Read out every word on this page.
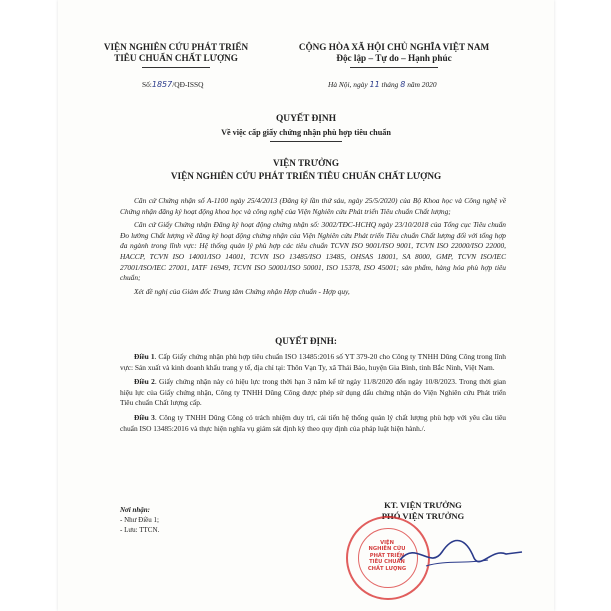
VIỆN NGHIÊN CỨU PHÁT TRIỂN
TIÊU CHUẨN CHẤT LƯỢNG
CỘNG HÒA XÃ HỘI CHỦ NGHĨA VIỆT NAM
Độc lập – Tự do – Hạnh phúc
Số:1857/QĐ-ISSQ	Hà Nội, ngày 11 tháng 8 năm 2020
QUYẾT ĐỊNH
Về việc cấp giấy chứng nhận phù hợp tiêu chuẩn
VIỆN TRƯỞNG
VIỆN NGHIÊN CỨU PHÁT TRIỂN TIÊU CHUẨN CHẤT LƯỢNG
Căn cứ Chứng nhận số A-1100 ngày 25/4/2013 (Đăng ký lần thứ sáu, ngày 25/5/2020) của Bộ Khoa học và Công nghệ về Chứng nhận đăng ký hoạt động khoa học và công nghệ của Viện Nghiên cứu Phát triển Tiêu chuẩn Chất lượng;
Căn cứ Giấy Chứng nhận Đăng ký hoạt động chứng nhận số: 3002/TĐC-HCHQ ngày 23/10/2018 của Tổng cục Tiêu chuẩn Đo lường Chất lượng về đăng ký hoạt động chứng nhận của Viện Nghiên cứu Phát triển Tiêu chuẩn Chất lượng đối với tổng hợp đa ngành trong lĩnh vực: Hệ thống quản lý phù hợp các tiêu chuẩn TCVN ISO 9001/ISO 9001, TCVN ISO 22000/ISO 22000, HACCP, TCVN ISO 14001/ISO 14001, TCVN ISO 13485/ISO 13485, OHSAS 18001, SA 8000, GMP, TCVN ISO/IEC 27001/ISO/IEC 27001, IATF 16949, TCVN ISO 50001/ISO 50001, ISO 15378, ISO 45001; sản phẩm, hàng hóa phù hợp tiêu chuẩn;
Xét đề nghị của Giám đốc Trung tâm Chứng nhận Hợp chuẩn - Hợp quy,
QUYẾT ĐỊNH:
Điều 1. Cấp Giấy chứng nhận phù hợp tiêu chuẩn ISO 13485:2016 số YT 379-20 cho Công ty TNHH Dũng Công trong lĩnh vực: Sản xuất và kinh doanh khẩu trang y tế, địa chỉ tại: Thôn Vạn Ty, xã Thái Bảo, huyện Gia Bình, tỉnh Bắc Ninh, Việt Nam.
Điều 2. Giấy chứng nhận này có hiệu lực trong thời hạn 3 năm kể từ ngày 11/8/2020 đến ngày 10/8/2023. Trong thời gian hiệu lực của Giấy chứng nhận, Công ty TNHH Dũng Công được phép sử dụng dấu chứng nhận do Viện Nghiên cứu Phát triển Tiêu chuẩn Chất lượng cấp.
Điều 3. Công ty TNHH Dũng Công có trách nhiệm duy trì, cải tiến hệ thống quản lý chất lượng phù hợp với yêu cầu tiêu chuẩn ISO 13485:2016 và thực hiện nghĩa vụ giám sát định kỳ theo quy định của pháp luật hiện hành./.
Nơi nhận:
- Như Điều 1;
- Lưu: TTCN.
KT. VIỆN TRƯỞNG
PHÓ VIỆN TRƯỞNG
VIỆN
NGHIÊN CỨU
PHÁT TRIỂN
TIÊU CHUẨN
CHẤT LƯỢNG
